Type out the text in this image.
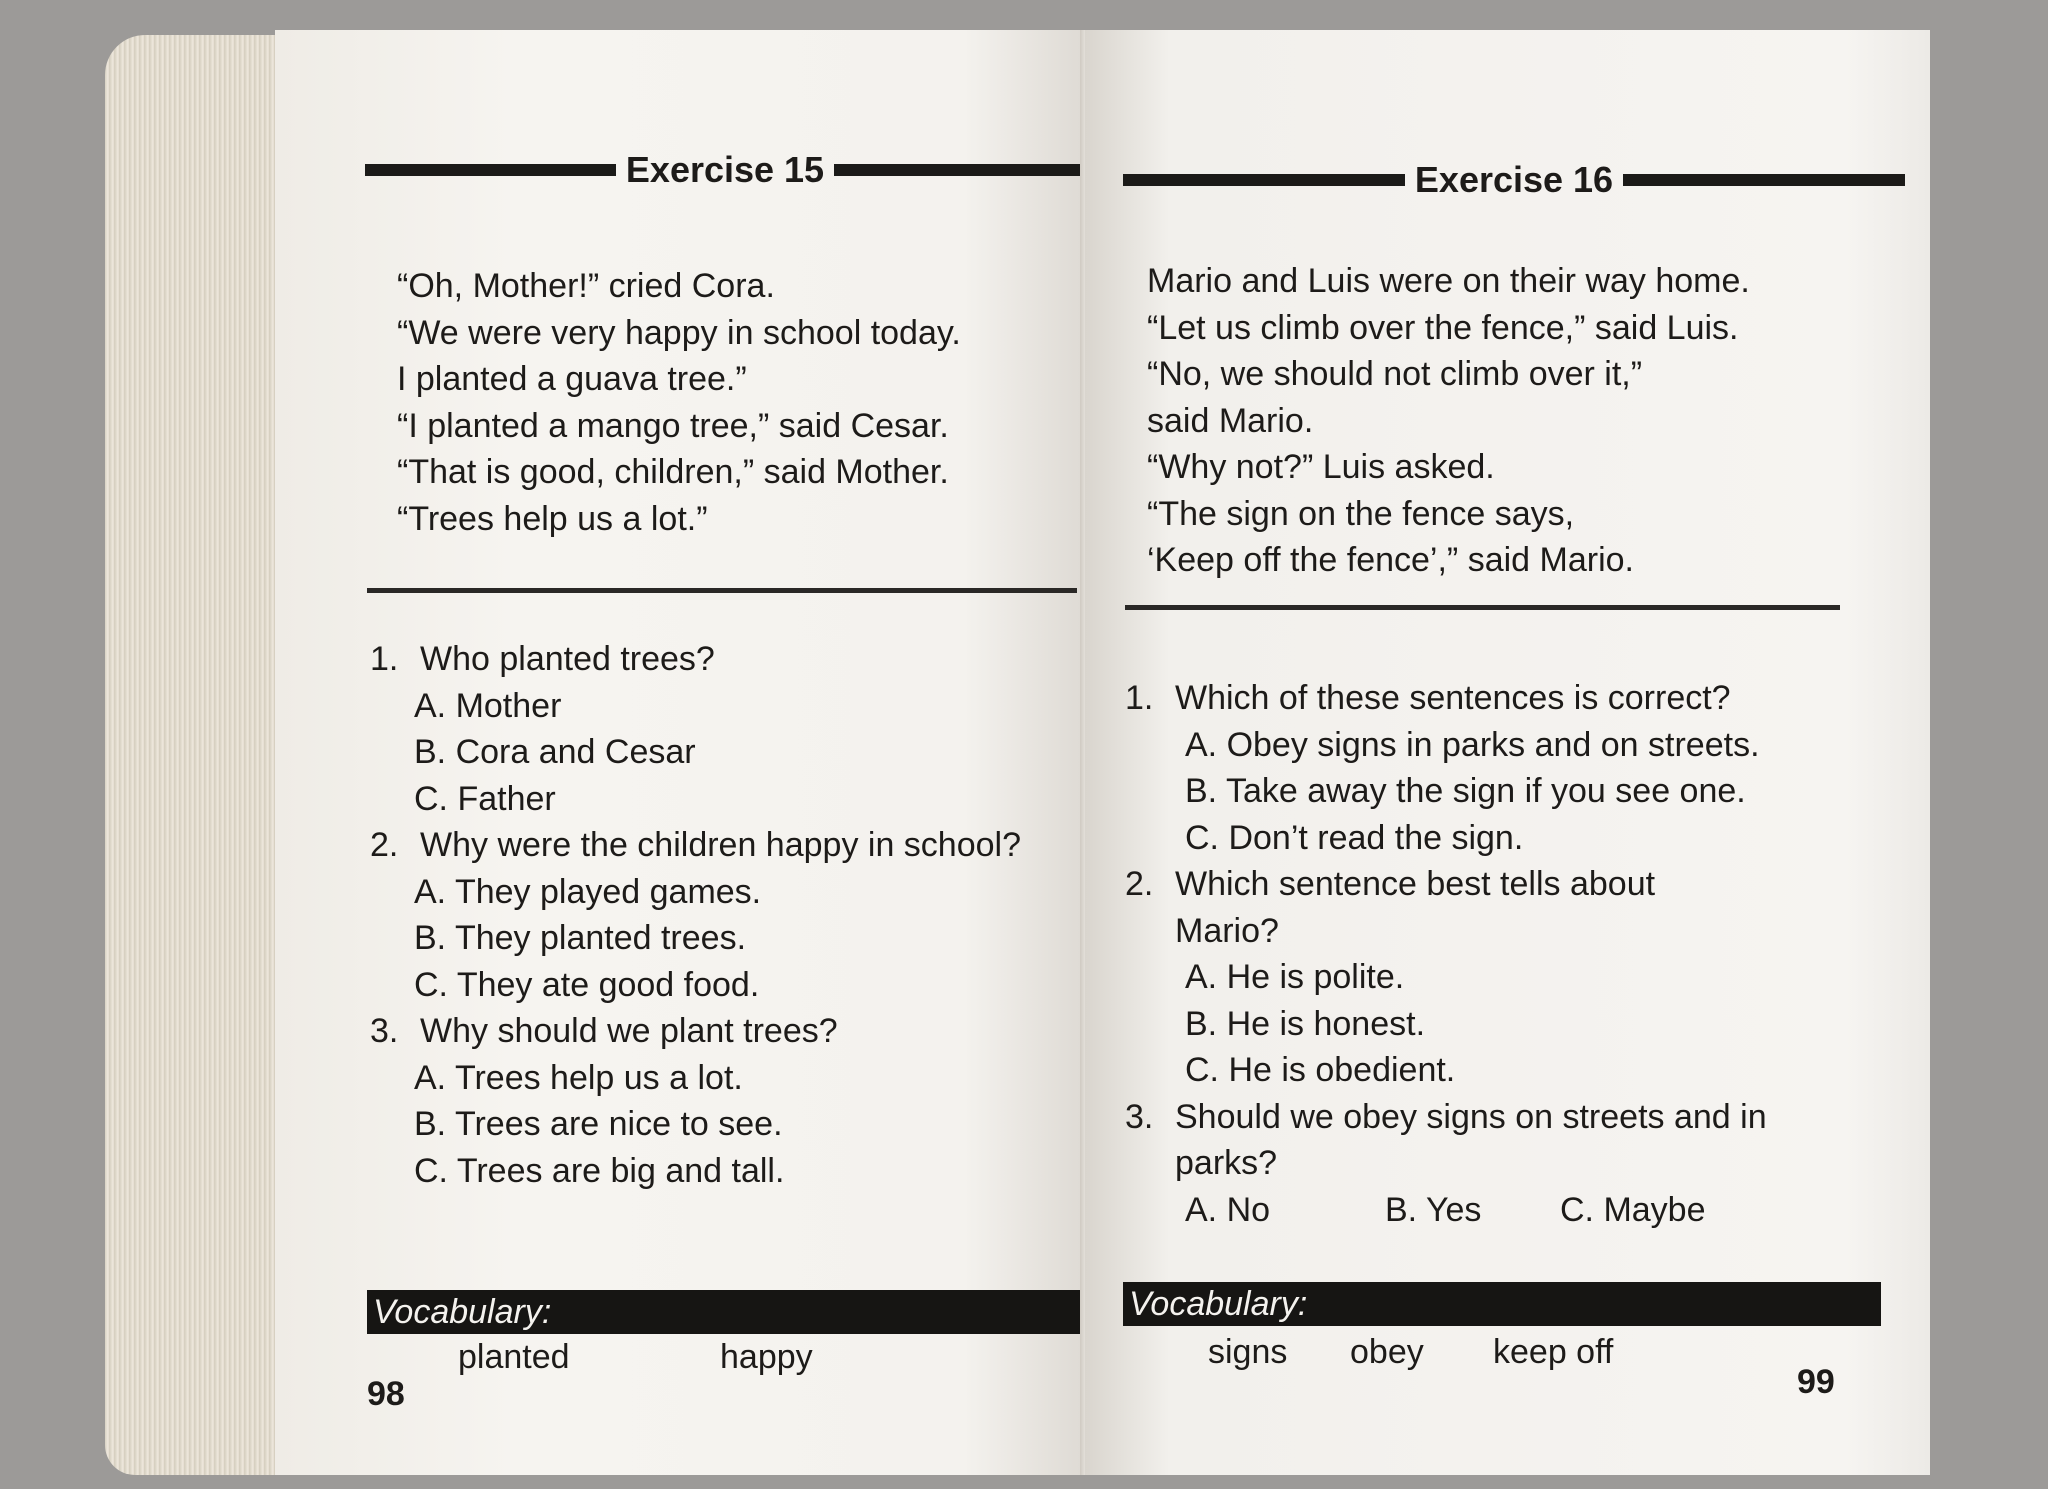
Exercise 15
“Oh, Mother!” cried Cora.
“We were very happy in school today.
I planted a guava tree.”
“I planted a mango tree,” said Cesar.
“That is good, children,” said Mother.
“Trees help us a lot.”
1. Who planted trees?
A. Mother
B. Cora and Cesar
C. Father
2. Why were the children happy in school?
A. They played games.
B. They planted trees.
C. They ate good food.
3. Why should we plant trees?
A. Trees help us a lot.
B. Trees are nice to see.
C. Trees are big and tall.
Vocabulary:
planted	happy
98
Exercise 16
Mario and Luis were on their way home.
“Let us climb over the fence,” said Luis.
“No, we should not climb over it,”
said Mario.
“Why not?” Luis asked.
“The sign on the fence says,
‘Keep off the fence’,” said Mario.
1. Which of these sentences is correct?
A. Obey signs in parks and on streets.
B. Take away the sign if you see one.
C. Don’t read the sign.
2. Which sentence best tells about
Mario?
A. He is polite.
B. He is honest.
C. He is obedient.
3. Should we obey signs on streets and in
parks?
A. No	B. Yes	C. Maybe
Vocabulary:
signs obey keep off
99
